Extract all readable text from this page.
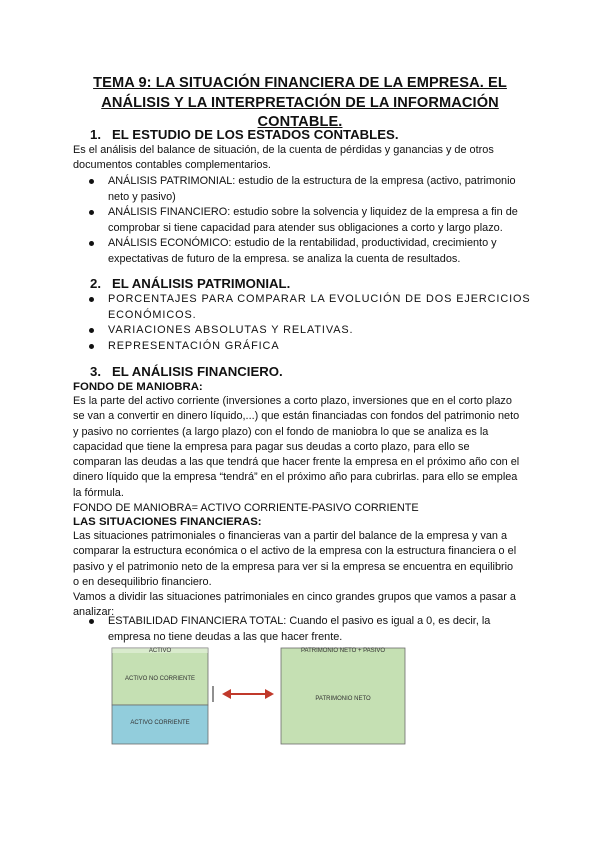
TEMA 9: LA SITUACIÓN FINANCIERA DE LA EMPRESA. EL
ANÁLISIS Y LA INTERPRETACIÓN DE LA INFORMACIÓN
CONTABLE.
1. EL ESTUDIO DE LOS ESTADOS CONTABLES.
Es el análisis del balance de situación, de la cuenta de pérdidas y ganancias y de otros
documentos contables complementarios.
ANÁLISIS PATRIMONIAL: estudio de la estructura de la empresa (activo, patrimonio
neto y pasivo)
ANÁLISIS FINANCIERO: estudio sobre la solvencia y liquidez de la empresa a fin de
comprobar si tiene capacidad para atender sus obligaciones a corto y largo plazo.
ANÁLISIS ECONÓMICO: estudio de la rentabilidad, productividad, crecimiento y
expectativas de futuro de la empresa. se analiza la cuenta de resultados.
2. EL ANÁLISIS PATRIMONIAL.
PORCENTAJES PARA COMPARAR LA EVOLUCIÓN DE DOS EJERCICIOS
ECONÓMICOS.
VARIACIONES ABSOLUTAS Y RELATIVAS.
REPRESENTACIÓN GRÁFICA
3. EL ANÁLISIS FINANCIERO.
FONDO DE MANIOBRA:
Es la parte del activo corriente (inversiones a corto plazo, inversiones que en el corto plazo
se van a convertir en dinero líquido,...) que están financiadas con fondos del patrimonio neto
y pasivo no corrientes (a largo plazo) con el fondo de maniobra lo que se analiza es la
capacidad que tiene la empresa para pagar sus deudas a corto plazo, para ello se
comparan las deudas a las que tendrá que hacer frente la empresa en el próximo año con el
dinero líquido que la empresa “tendrá” en el próximo año para cubrirlas. para ello se emplea
la fórmula.
FONDO DE MANIOBRA= ACTIVO CORRIENTE-PASIVO CORRIENTE
LAS SITUACIONES FINANCIERAS:
Las situaciones patrimoniales o financieras van a partir del balance de la empresa y van a
comparar la estructura económica o el activo de la empresa con la estructura financiera o el
pasivo y el patrimonio neto de la empresa para ver si la empresa se encuentra en equilibrio
o en desequilibrio financiero.
Vamos a dividir las situaciones patrimoniales en cinco grandes grupos que vamos a pasar a
analizar:
ESTABILIDAD FINANCIERA TOTAL: Cuando el pasivo es igual a 0, es decir, la
empresa no tiene deudas a las que hacer frente.
ACTIVO
ACTIVO NO CORRIENTE
ACTIVO CORRIENTE
PATRIMONIO NETO + PASIVO
PATRIMONIO NETO
